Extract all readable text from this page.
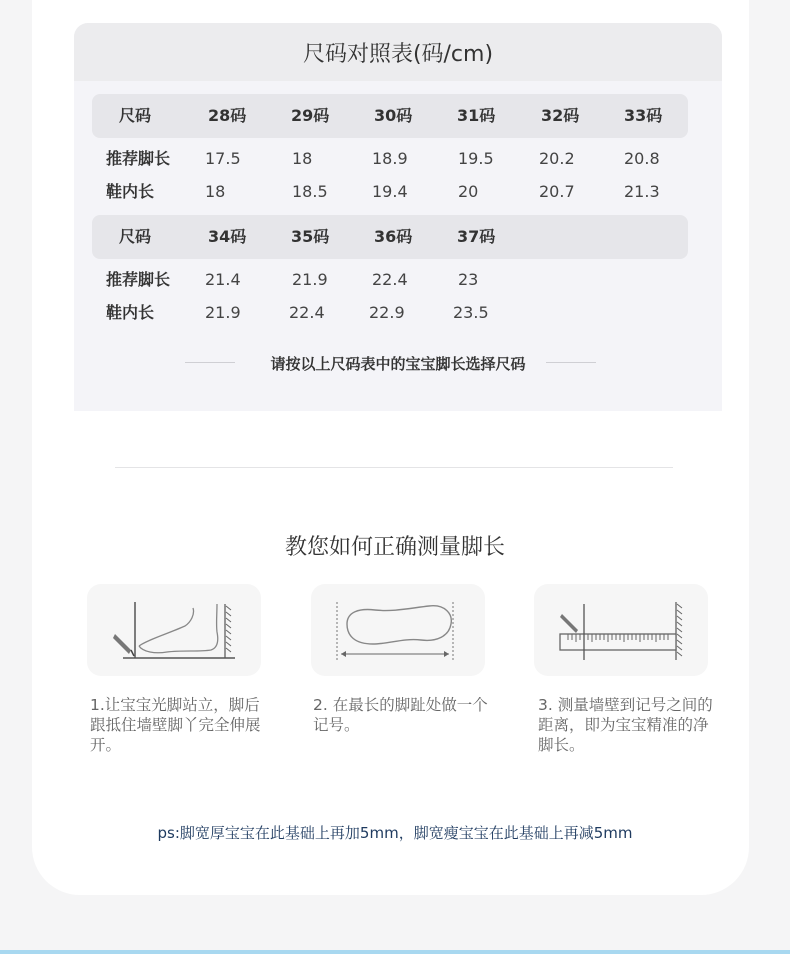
尺码对照表(码/cm)
尺码	28码	29码	30码	31码	32码	33码
推荐脚长 17.5	18	18.9	19.5	20.2	20.8
鞋内长	18	18.5	19.4	20	20.7	21.3
尺码	34码	35码	36码	37码
推荐脚长 21.4	21.9	22.4	23
鞋内长	21.9	22.4	22.9	23.5
请按以上尺码表中的宝宝脚长选择尺码
教您如何正确测量脚长
1.让宝宝光脚站立，脚后跟抵住墙壁脚丫完全伸展开。
2. 在最长的脚趾处做一个记号。
3. 测量墙壁到记号之间的距离，即为宝宝精准的净脚长。
ps:脚宽厚宝宝在此基础上再加5mm，脚宽瘦宝宝在此基础上再减5mm
